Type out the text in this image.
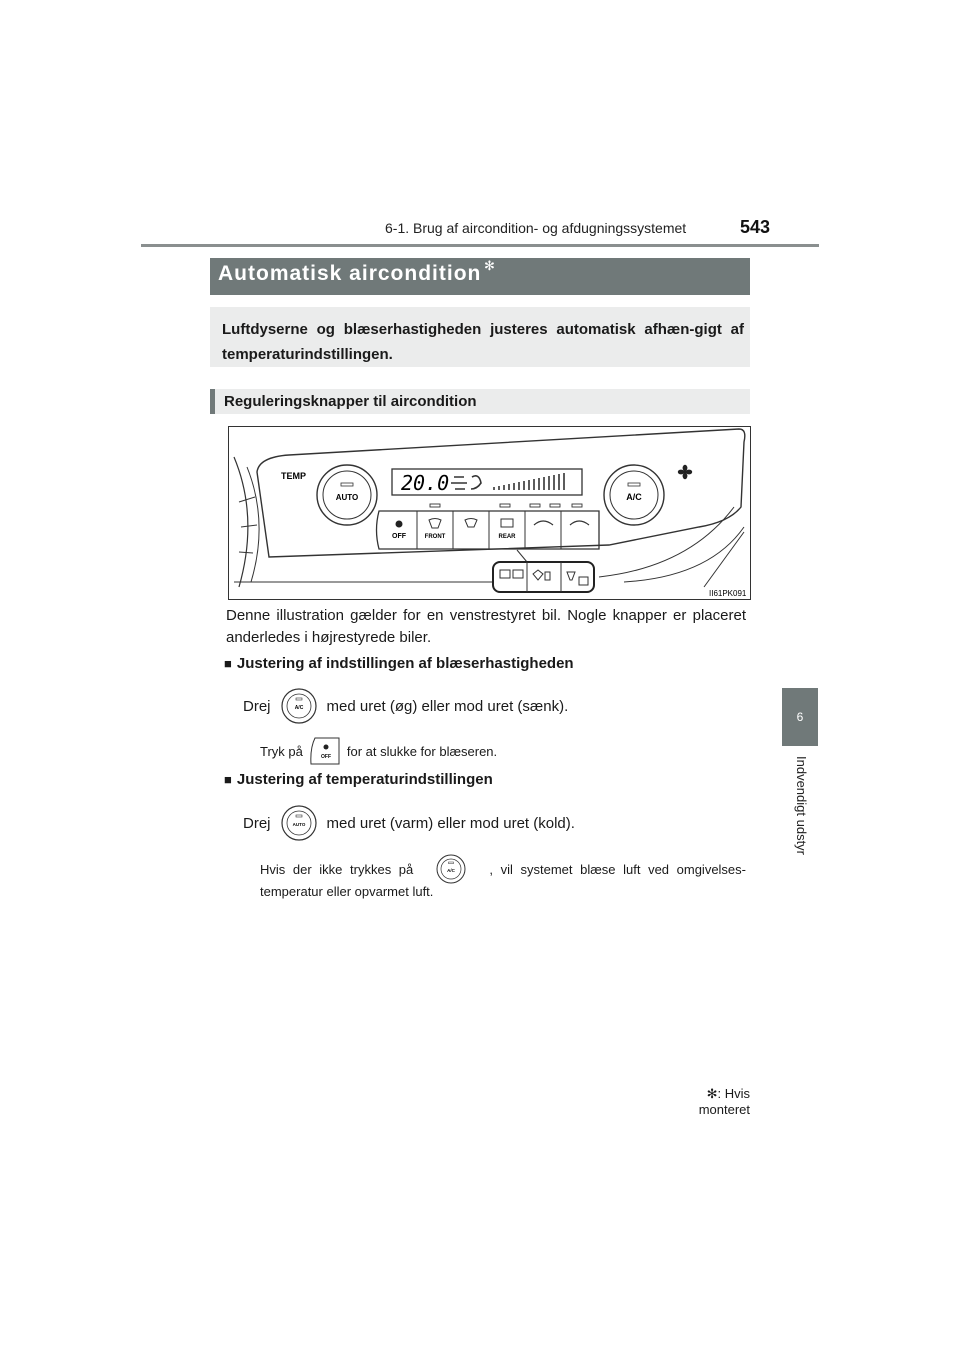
6-1. Brug af aircondition- og afdugningssystemet	543
6
Indvendigt udstyr
Automatisk aircondition ✻
Luftdyserne og blæserhastigheden justeres automatisk afhæn-gigt af temperaturindstillingen.
Reguleringsknapper til aircondition
TEMP
AUTO
20.0
A/C
OFF	FRONT	REAR
II61PK091
Denne illustration gælder for en venstrestyret bil. Nogle knapper er placeret anderledes i højrestyrede biler.
■ Justering af indstillingen af blæserhastigheden
Drej	A/C med uret (øg) eller mod uret (sænk).
Tryk på	OFF for at slukke for blæseren.
■ Justering af temperaturindstillingen
Drej	AUTO med uret (varm) eller mod uret (kold).
Hvis der ikke trykkes på	A/C	, vil systemet blæse luft ved omgivelses-
temperatur eller opvarmet luft.
✻: Hvis monteret
